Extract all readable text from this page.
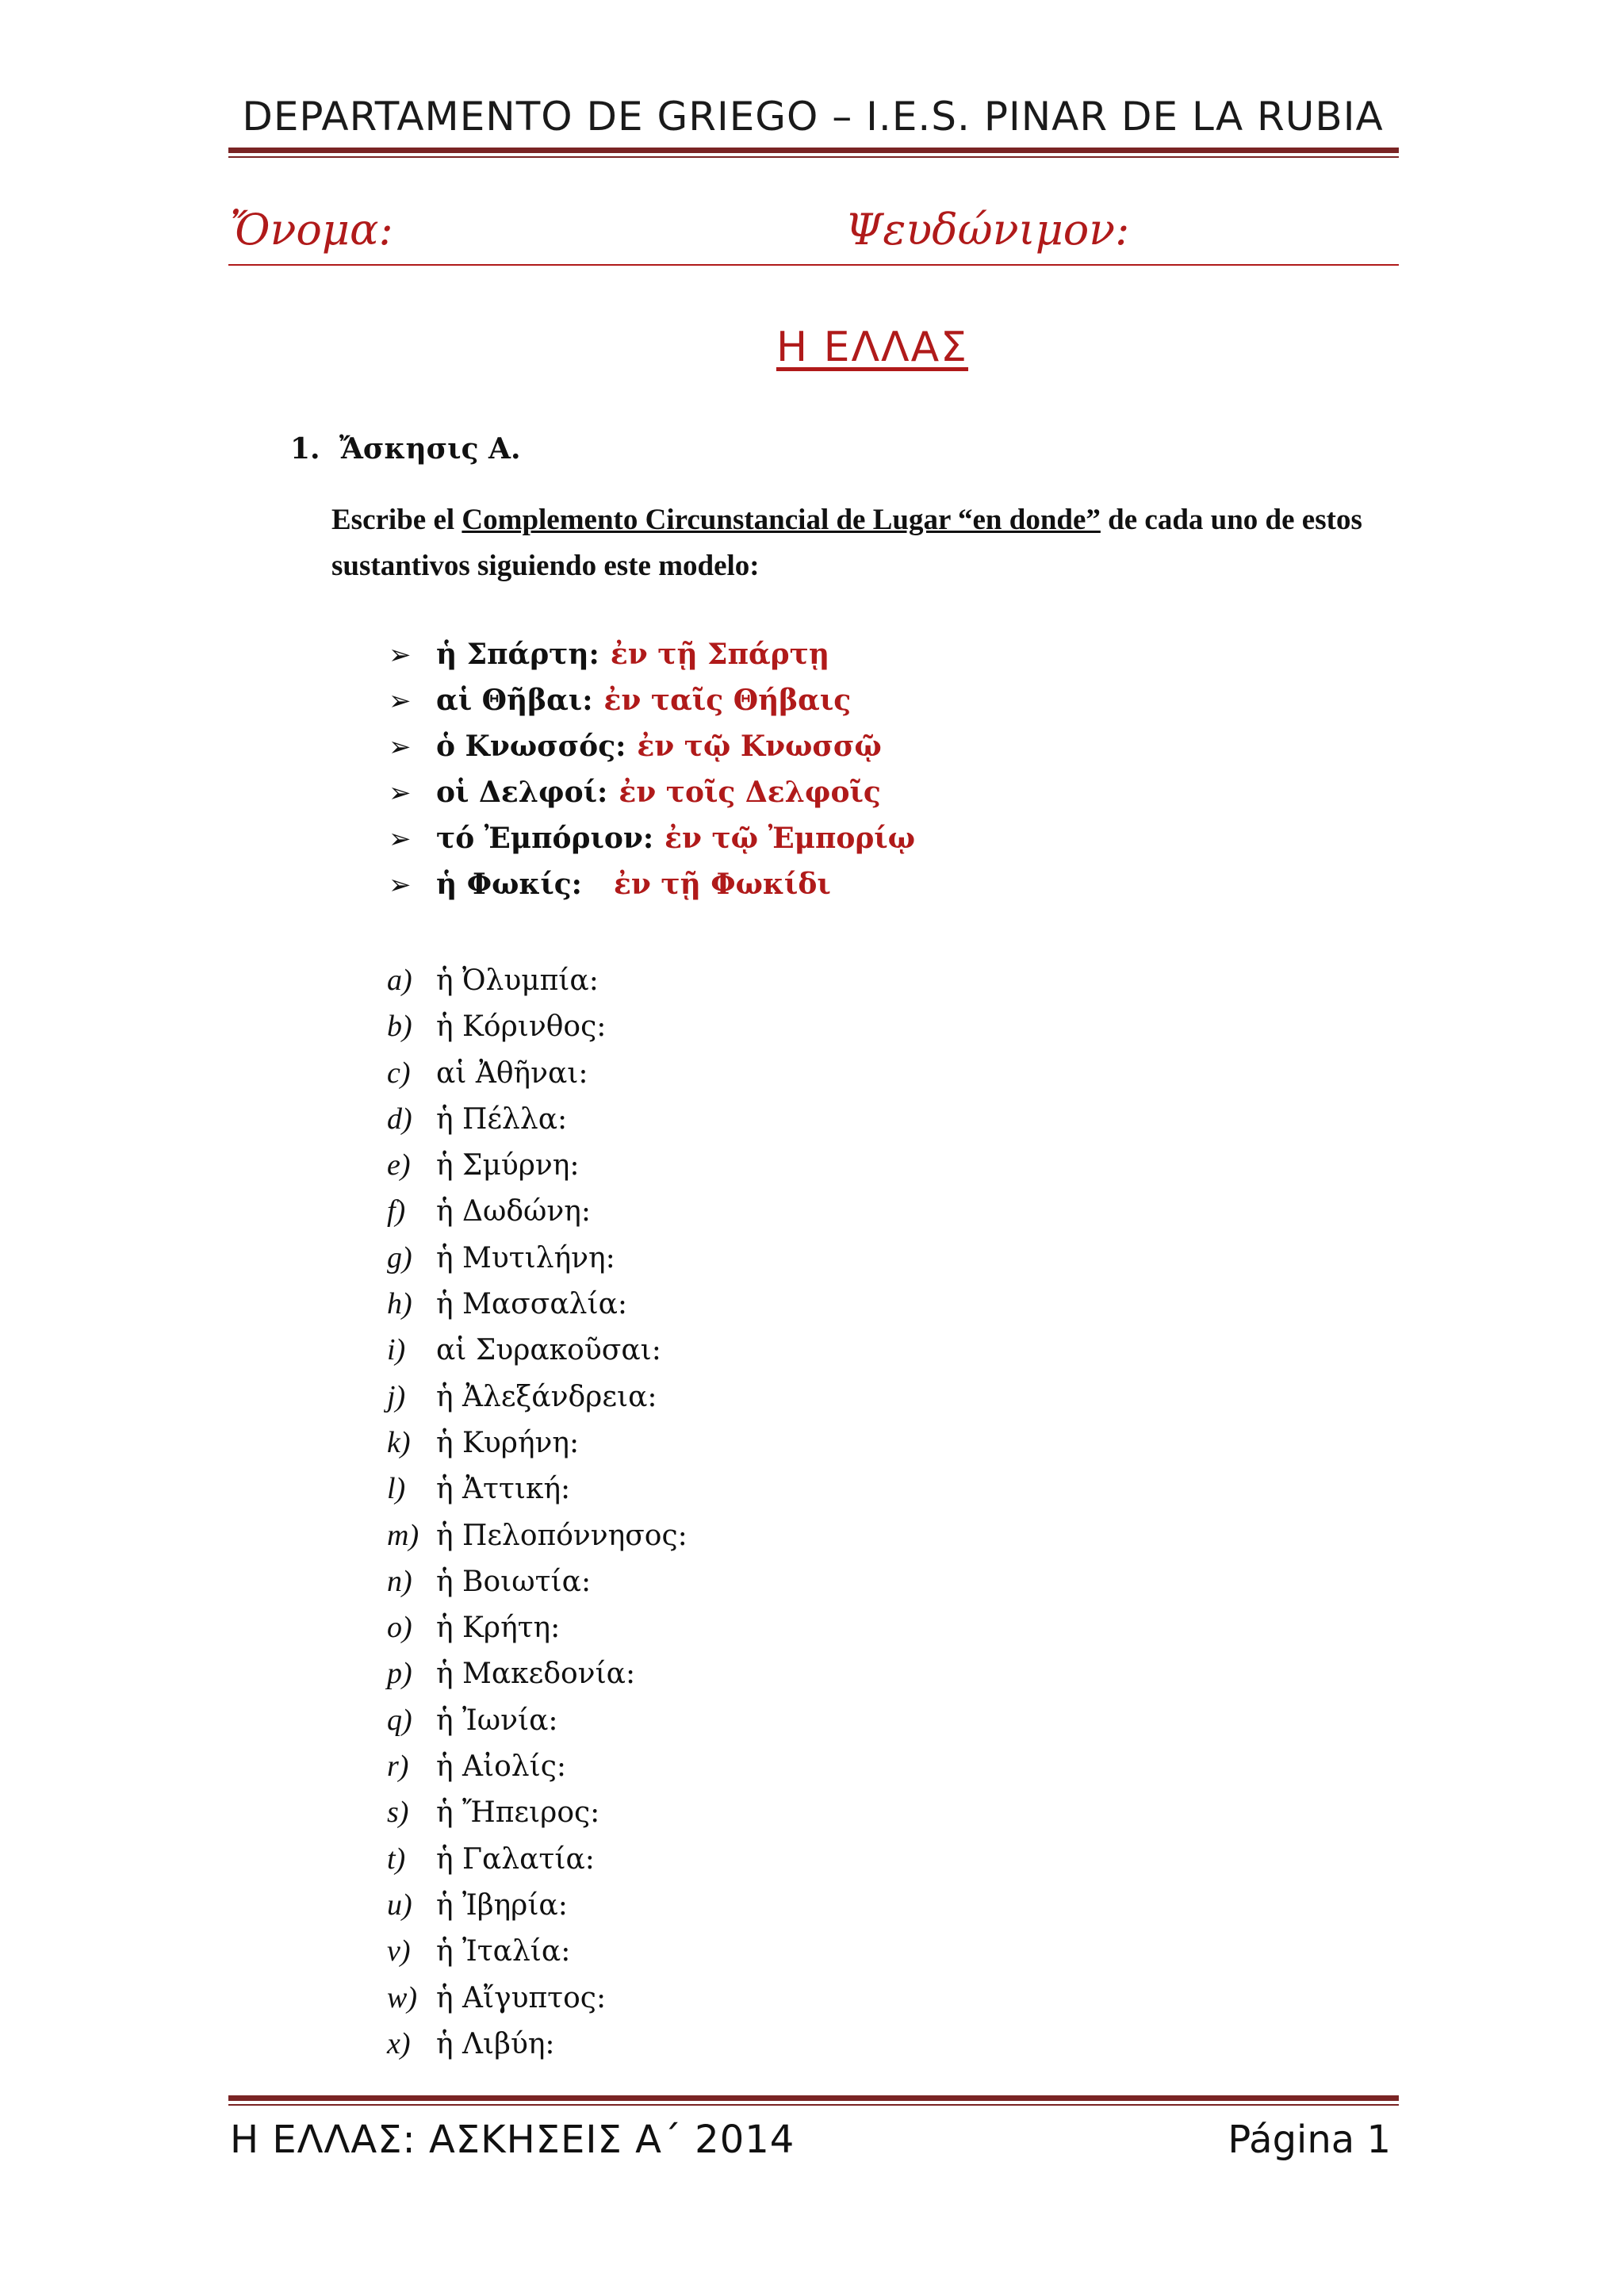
DEPARTAMENTO DE GRIEGO – I.E.S. PINAR DE LA RUBIA
Ὄνομα:	Ψευδώνιμον:
Η ΕΛΛΑΣ
1. Ἄσκησις Α.
Escribe el Complemento Circunstancial de Lugar “en donde” de cada uno de estos sustantivos siguiendo este modelo:
➢ ἡ Σπάρτη: ἐν τῇ Σπάρτῃ
➢ αἱ Θῆβαι: ἐν ταῖς Θήβαις
➢ ὁ Κνωσσός: ἐν τῷ Κνωσσῷ
➢ οἱ Δελφοί: ἐν τοῖς Δελφοῖς
➢ τό Ἐμπόριον: ἐν τῷ Ἐμπορίῳ
➢ ἡ Φωκίς: ἐν τῇ Φωκίδι
a) ἡ Ὀλυμπία:
b) ἡ Κόρινθος:
c) αἱ Ἀθῆναι:
d) ἡ Πέλλα:
e) ἡ Σμύρνη:
f) ἡ Δωδώνη:
g) ἡ Μυτιλήνη:
h) ἡ Μασσαλία:
i) αἱ Συρακοῦσαι:
j) ἡ Ἀλεξάνδρεια:
k) ἡ Κυρήνη:
l) ἡ Ἀττική:
m) ἡ Πελοπόννησος:
n) ἡ Βοιωτία:
o) ἡ Κρήτη:
p) ἡ Μακεδονία:
q) ἡ Ἰωνία:
r) ἡ Αἰολίς:
s) ἡ Ἤπειρος:
t) ἡ Γαλατία:
u) ἡ Ἰβηρία:
v) ἡ Ἰταλία:
w) ἡ Αἴγυπτος:
x) ἡ Λιβύη:
Η ΕΛΛΑΣ: ΑΣΚΗΣΕΙΣ Α΄ 2014	Página 1
